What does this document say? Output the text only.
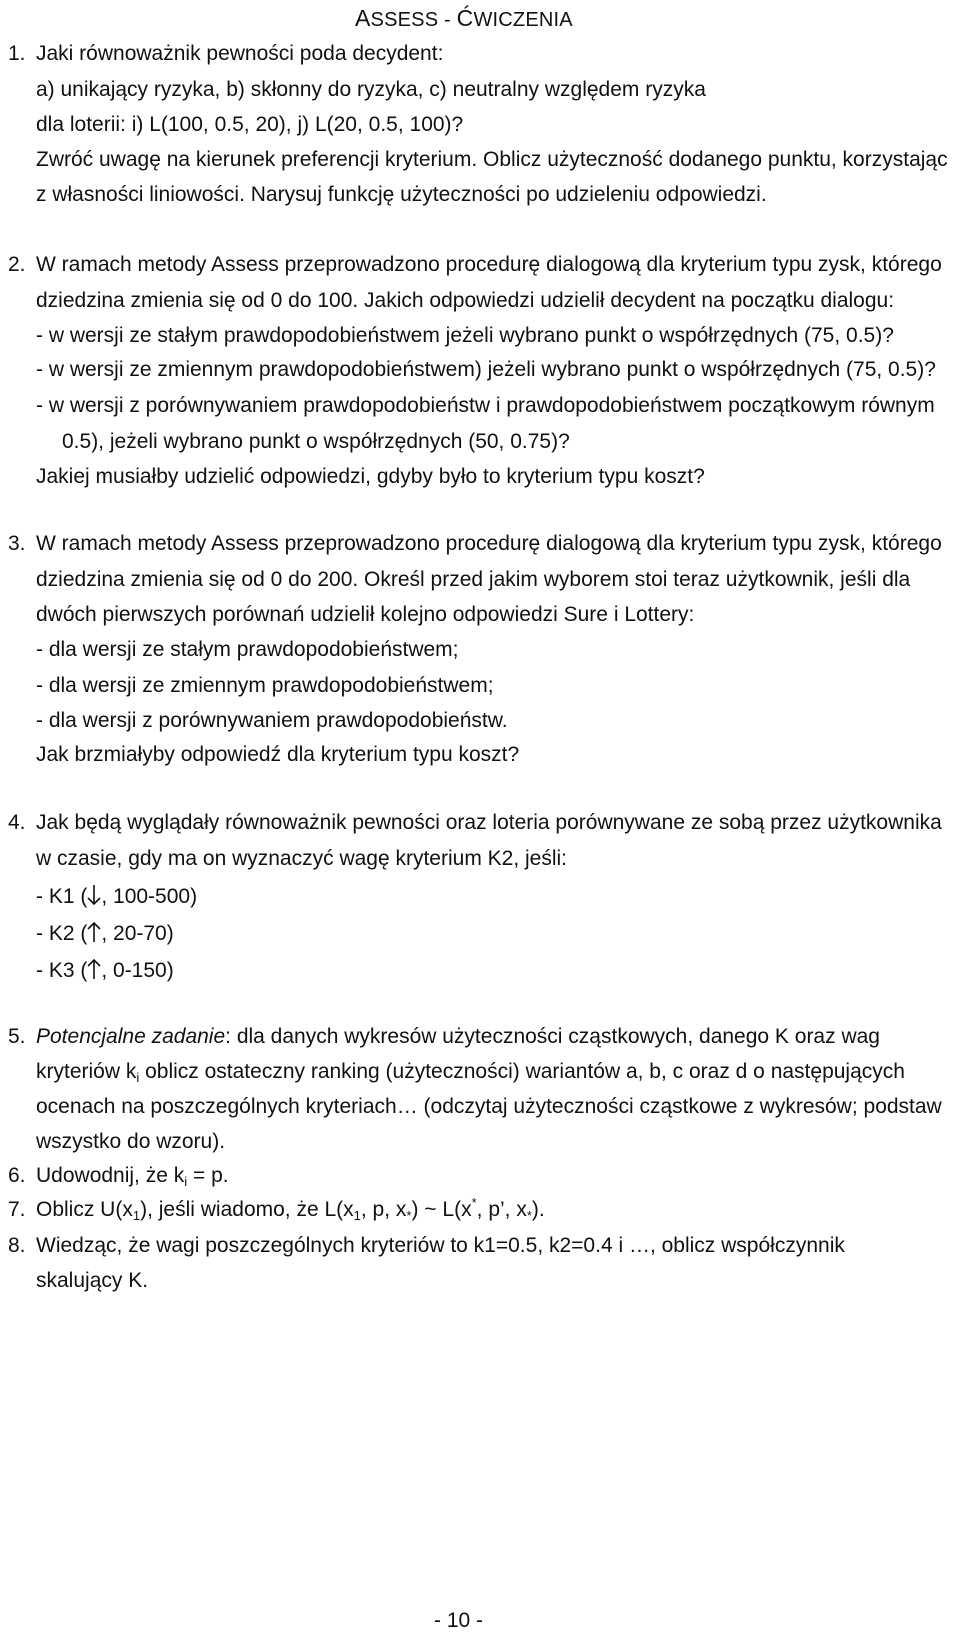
ASSESS - ĆWICZENIA
1. Jaki równoważnik pewności poda decydent:
a) unikający ryzyka, b) skłonny do ryzyka, c) neutralny względem ryzyka
dla loterii: i) L(100, 0.5, 20), j) L(20, 0.5, 100)?
Zwróć uwagę na kierunek preferencji kryterium. Oblicz użyteczność dodanego punktu, korzystając
z własności liniowości. Narysuj funkcję użyteczności po udzieleniu odpowiedzi.
2. W ramach metody Assess przeprowadzono procedurę dialogową dla kryterium typu zysk, którego
dziedzina zmienia się od 0 do 100. Jakich odpowiedzi udzielił decydent na początku dialogu:
- w wersji ze stałym prawdopodobieństwem jeżeli wybrano punkt o współrzędnych (75, 0.5)?
- w wersji ze zmiennym prawdopodobieństwem) jeżeli wybrano punkt o współrzędnych (75, 0.5)?
- w wersji z porównywaniem prawdopodobieństw i prawdopodobieństwem początkowym równym
0.5), jeżeli wybrano punkt o współrzędnych (50, 0.75)?
Jakiej musiałby udzielić odpowiedzi, gdyby było to kryterium typu koszt?
3. W ramach metody Assess przeprowadzono procedurę dialogową dla kryterium typu zysk, którego
dziedzina zmienia się od 0 do 200. Określ przed jakim wyborem stoi teraz użytkownik, jeśli dla
dwóch pierwszych porównań udzielił kolejno odpowiedzi Sure i Lottery:
- dla wersji ze stałym prawdopodobieństwem;
- dla wersji ze zmiennym prawdopodobieństwem;
- dla wersji z porównywaniem prawdopodobieństw.
Jak brzmiałyby odpowiedź dla kryterium typu koszt?
4. Jak będą wyglądały równoważnik pewności oraz loteria porównywane ze sobą przez użytkownika
w czasie, gdy ma on wyznaczyć wagę kryterium K2, jeśli:
- K1 ( , 100-500)
- K2 ( , 20-70)
- K3 ( , 0-150)
5. Potencjalne zadanie: dla danych wykresów użyteczności cząstkowych, danego K oraz wag
kryteriów $k_i$ oblicz ostateczny ranking (użyteczności) wariantów a, b, c oraz d o następujących
ocenach na poszczególnych kryteriach… (odczytaj użyteczności cząstkowe z wykresów; podstaw
wszystko do wzoru).
6. Udowodnij, że $k_i = p$.
7. Oblicz $U(x_1)$, jeśli wiadomo, że $L(x_1$, p, $x_*$) ~ L(x*, p’, $x_*$).
8. Wiedząc, że wagi poszczególnych kryteriów to k1=0.5, k2=0.4 i …, oblicz współczynnik
skalujący K.
- 10 -
